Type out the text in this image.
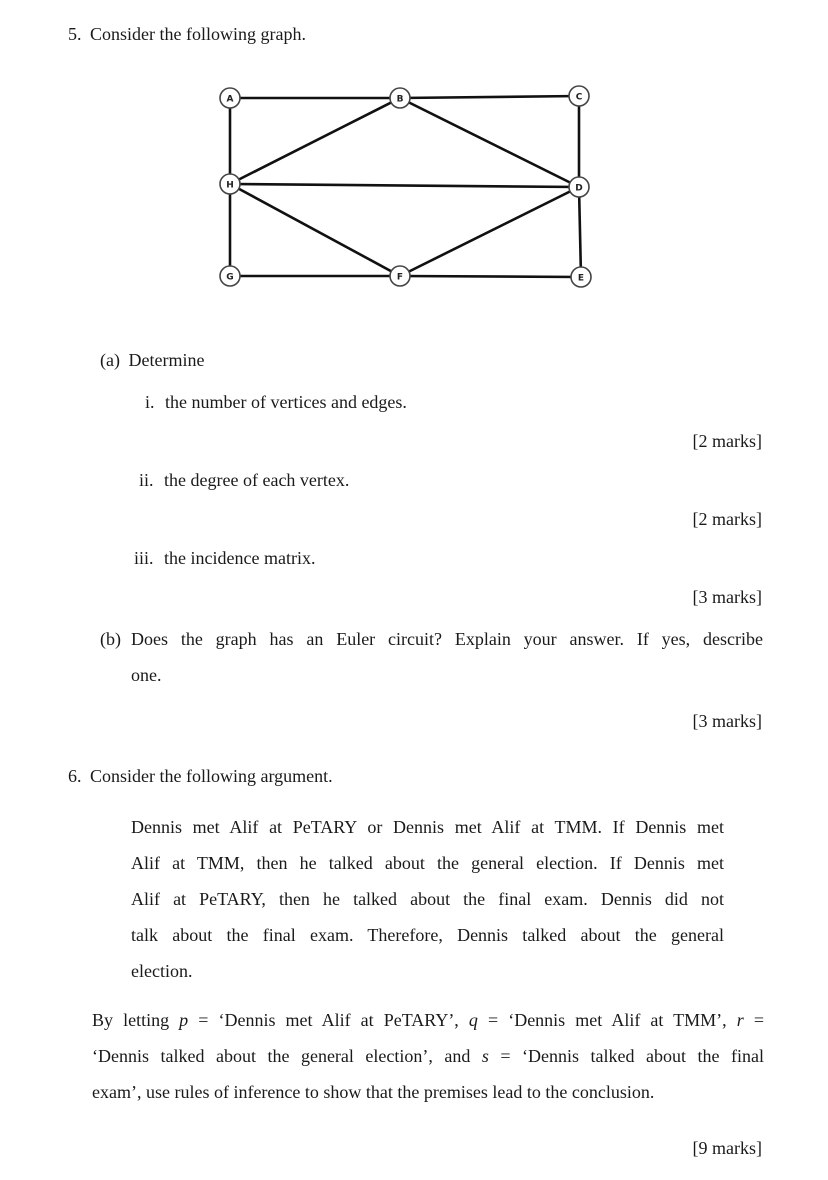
5. Consider the following graph.
A	B	C
H	D
G	F	E
(a) Determine
i. the number of vertices and edges.
[2 marks]
ii. the degree of each vertex.
[2 marks]
iii. the incidence matrix.
[3 marks]
(b) Does the graph has an Euler circuit? Explain your answer. If yes, describe
one.
[3 marks]
6. Consider the following argument.
Dennis met Alif at PeTARY or Dennis met Alif at TMM. If Dennis met
Alif at TMM, then he talked about the general election. If Dennis met
Alif at PeTARY, then he talked about the final exam. Dennis did not
talk about the final exam. Therefore, Dennis talked about the general
election.
By letting p = ‘Dennis met Alif at PeTARY’, q = ‘Dennis met Alif at TMM’, r =
‘Dennis talked about the general election’, and s = ‘Dennis talked about the final
exam’, use rules of inference to show that the premises lead to the conclusion.
[9 marks]
